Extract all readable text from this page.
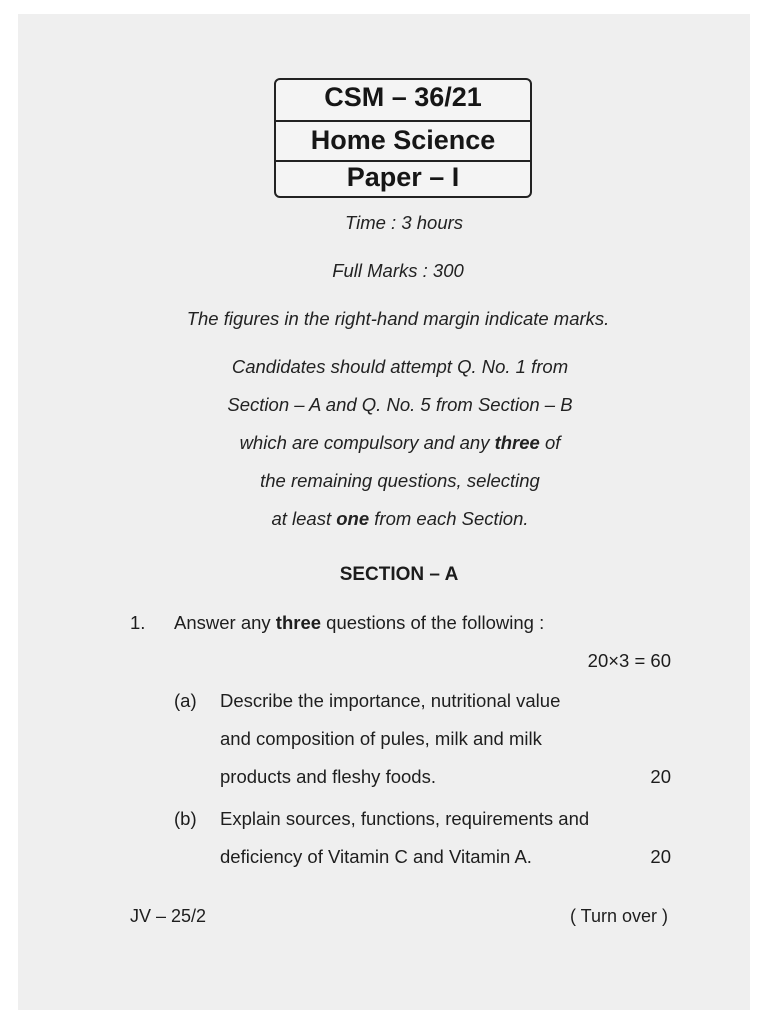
CSM – 36/21
Home Science
Paper – I
Time : 3 hours
Full Marks : 300
The figures in the right-hand margin indicate marks.
Candidates should attempt Q. No. 1 from
Section – A and Q. No. 5 from Section – B
which are compulsory and any three of
the remaining questions, selecting
at least one from each Section.
SECTION – A
1. Answer any three questions of the following :
20×3 = 60
(a) Describe the importance, nutritional value
and composition of pules, milk and milk
products and fleshy foods.	20
(b) Explain sources, functions, requirements and
deficiency of Vitamin C and Vitamin A.	20
JV – 25/2	( Turn over )
